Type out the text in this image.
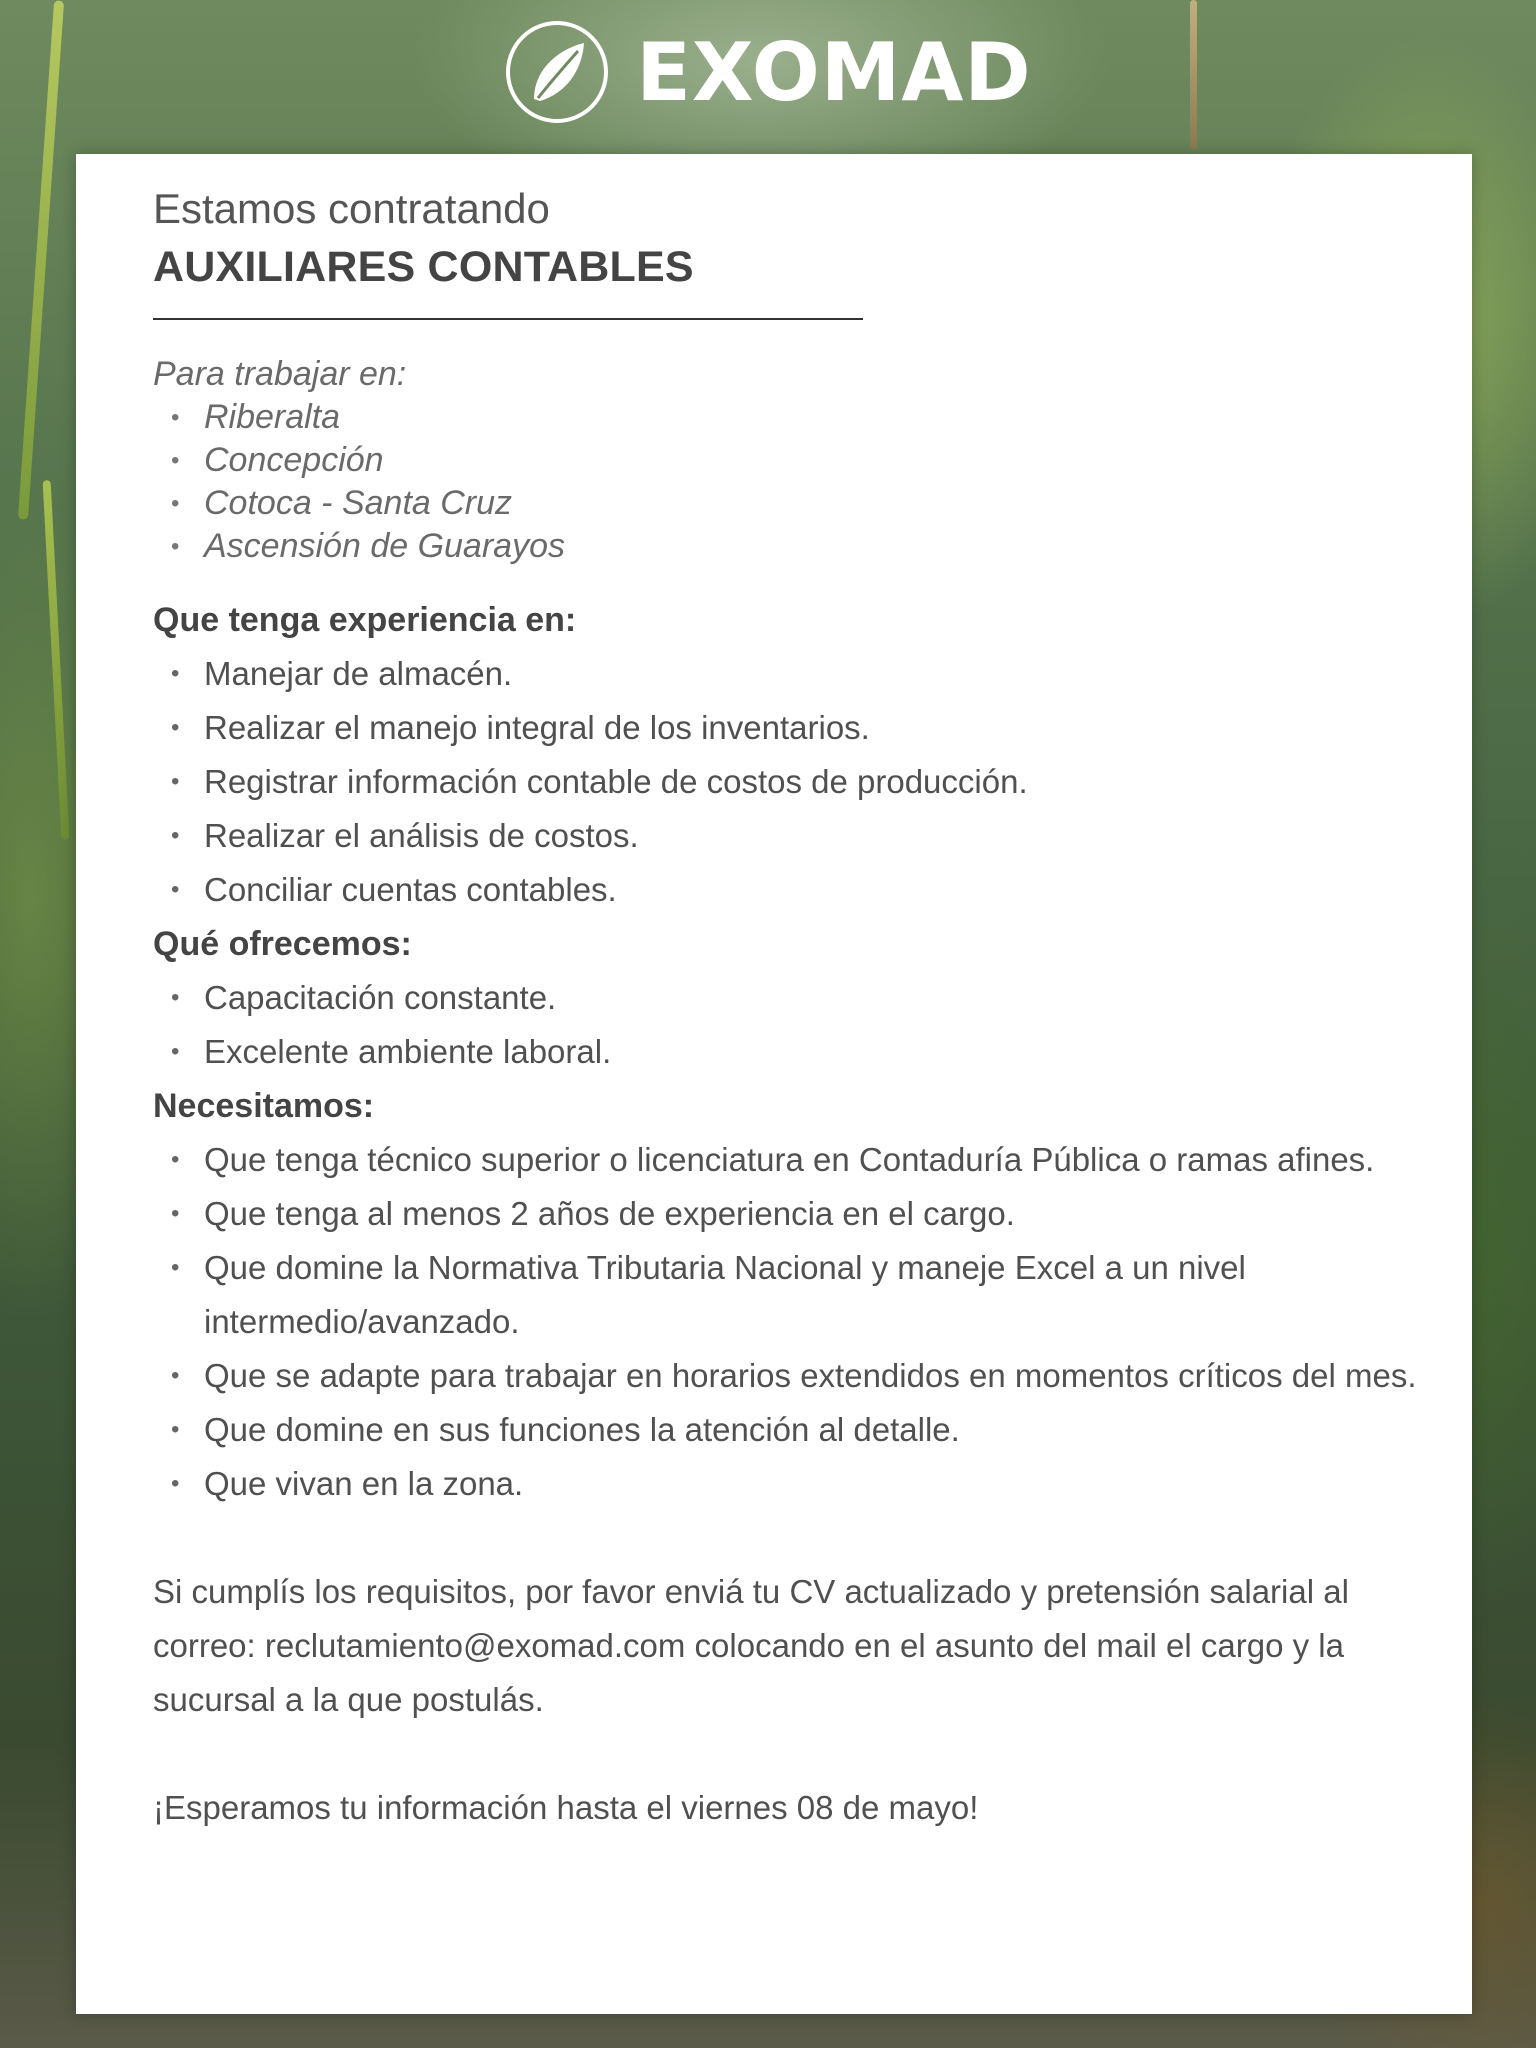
EXOMAD
Estamos contratando
AUXILIARES CONTABLES
Para trabajar en:
• Riberalta
• Concepción
• Cotoca - Santa Cruz
• Ascensión de Guarayos
Que tenga experiencia en:
• Manejar de almacén.
• Realizar el manejo integral de los inventarios.
• Registrar información contable de costos de producción.
• Realizar el análisis de costos.
• Conciliar cuentas contables.
Qué ofrecemos:
• Capacitación constante.
• Excelente ambiente laboral.
Necesitamos:
• Que tenga técnico superior o licenciatura en Contaduría Pública o ramas afines.
• Que tenga al menos 2 años de experiencia en el cargo.
• Que domine la Normativa Tributaria Nacional y maneje Excel a un nivel intermedio/avanzado.
• Que se adapte para trabajar en horarios extendidos en momentos críticos del mes.
• Que domine en sus funciones la atención al detalle.
• Que vivan en la zona.
Si cumplís los requisitos, por favor enviá tu CV actualizado y pretensión salarial al correo: reclutamiento@exomad.com colocando en el asunto del mail el cargo y la sucursal a la que postulás.
¡Esperamos tu información hasta el viernes 08 de mayo!
